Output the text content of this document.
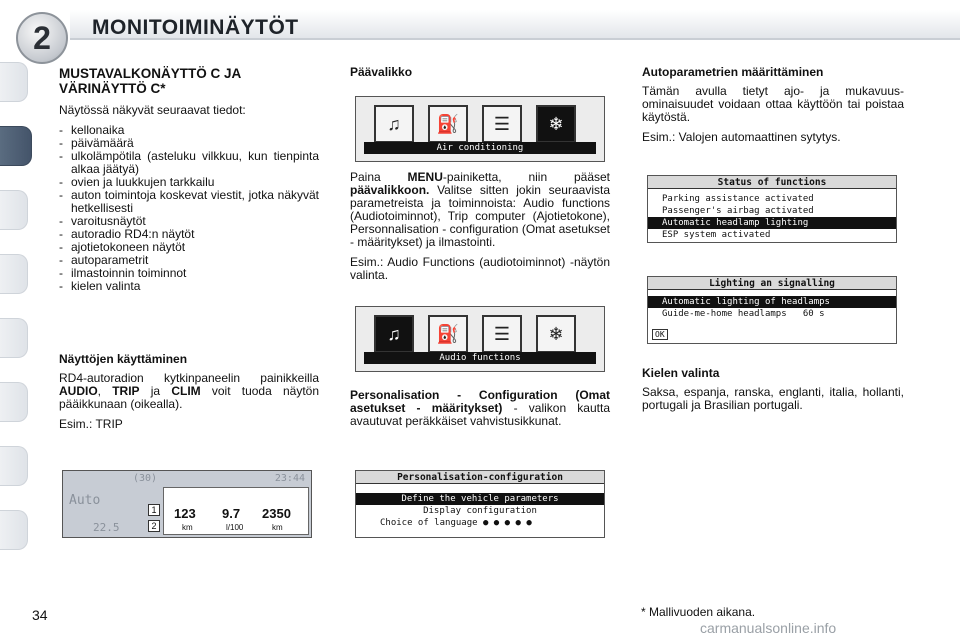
2	MONITOIMINÄYTÖT
MUSTAVALKONÄYTTÖ C JA VÄRINÄYTTÖ C*

Näytössä näkyvät seuraavat tiedot:

- kellonaika
- päivämäärä
- ulkolämpötila (asteluku vilkkuu, kun tienpinta alkaa jäätyä)
- ovien ja luukkujen tarkkailu
- auton toimintoja koskevat viestit, jotka näkyvät hetkellisesti
- varoitusnäytöt
- autoradio RD4:n näytöt
- ajotietokoneen näytöt
- autoparametrit
- ilmastoinnin toiminnot
- kielen valinta
Näyttöjen käyttäminen

RD4-autoradion kytkinpaneelin painikkeilla AUDIO, TRIP ja CLIM voit tuoda näytön pääikkunaan (oikealla).

Esim.: TRIP

(30)	23:44
Auto
22.5
1
2
123 9.7 2350
km	l/100	km
Päävalikko
♫	⛽	☰	❄
Air conditioning

Paina MENU-painiketta, niin pääset päävalikkoon. Valitse sitten jokin seuraavista parametreista ja toiminnoista: Audio functions (Audiotoiminnot), Trip computer (Ajotietokone), Personnalisation - configuration (Omat asetukset - määritykset) ja ilmastointi.

Esim.: Audio Functions (audiotoiminnot) -näytön valinta.

♫	⛽	☰	❄
Audio functions

Personalisation - Configuration (Omat asetukset - määritykset) - valikon kautta avautuvat peräkkäiset vahvistusikkunat.

Personalisation-configuration
Define the vehicle parameters
Display configuration
Choice of language ● ● ● ● ●
Autoparametrien määrittäminen

Tämän avulla tietyt ajo- ja mukavuusominaisuudet voidaan ottaa käyttöön tai poistaa käytöstä.

Esim.: Valojen automaattinen sytytys.

Status of functions
Parking assistance activated
Passenger's airbag activated
Automatic headlamp lighting
ESP system activated
Lighting an signalling
Automatic lighting of headlamps
Guide-me-home headlamps 60 s
OK
Kielen valinta

Saksa, espanja, ranska, englanti, italia, hollanti, portugali ja Brasilian portugali.

34	* Mallivuoden aikana.
carmanualsonline.info
